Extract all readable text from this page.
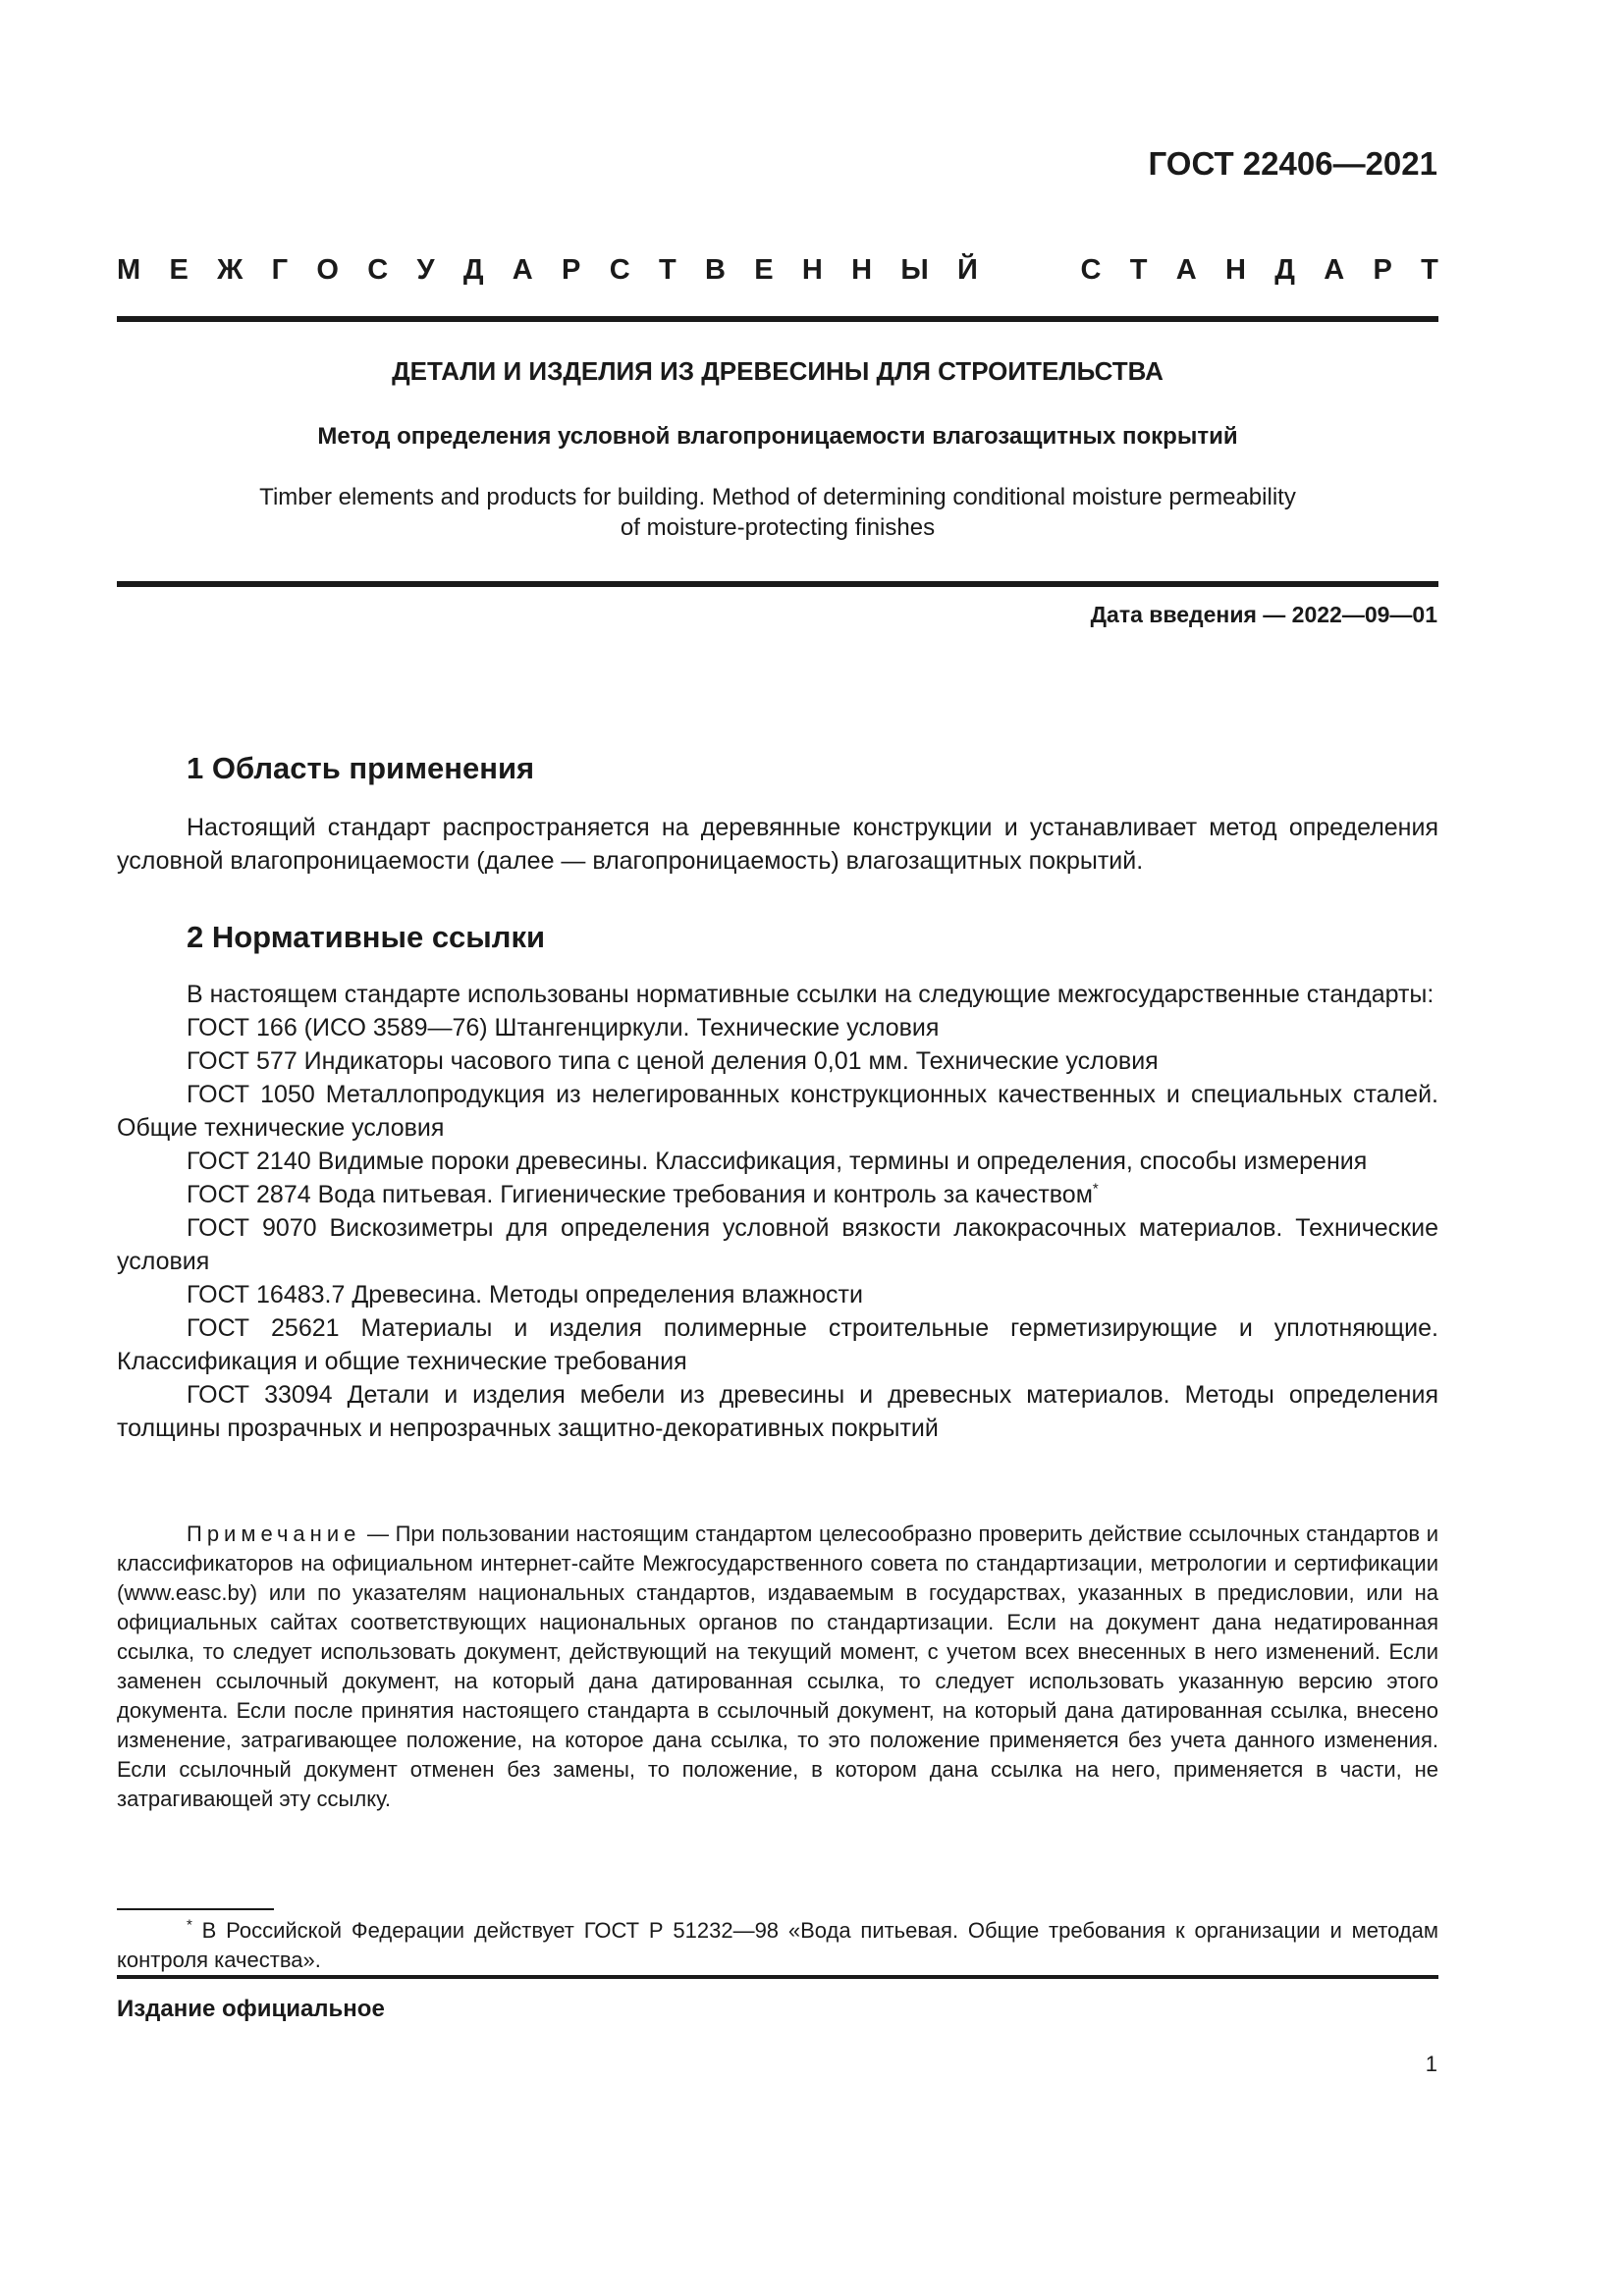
ГОСТ 22406—2021
М Е Ж Г О С У Д А Р С Т В Е Н Н Ы Й	С Т А Н Д А Р Т
ДЕТАЛИ И ИЗДЕЛИЯ ИЗ ДРЕВЕСИНЫ ДЛЯ СТРОИТЕЛЬСТВА
Метод определения условной влагопроницаемости влагозащитных покрытий
Timber elements and products for building. Method of determining conditional moisture permeability
of moisture-protecting finishes
Дата введения — 2022—09—01
1 Область применения

Настоящий стандарт распространяется на деревянные конструкции и устанавливает метод определения условной влагопроницаемости (далее — влагопроницаемость) влагозащитных покрытий.

2 Нормативные ссылки

В настоящем стандарте использованы нормативные ссылки на следующие межгосударственные стандарты:

ГОСТ 166 (ИСО 3589—76) Штангенциркули. Технические условия

ГОСТ 577 Индикаторы часового типа с ценой деления 0,01 мм. Технические условия

ГОСТ 1050 Металлопродукция из нелегированных конструкционных качественных и специальных сталей. Общие технические условия

ГОСТ 2140 Видимые пороки древесины. Классификация, термины и определения, способы измерения

ГОСТ 2874 Вода питьевая. Гигиенические требования и контроль за качеством*

ГОСТ 9070 Вискозиметры для определения условной вязкости лакокрасочных материалов. Технические условия

ГОСТ 16483.7 Древесина. Методы определения влажности

ГОСТ 25621 Материалы и изделия полимерные строительные герметизирующие и уплотняющие. Классификация и общие технические требования

ГОСТ 33094 Детали и изделия мебели из древесины и древесных материалов. Методы определения толщины прозрачных и непрозрачных защитно-декоративных покрытий

Примечание — При пользовании настоящим стандартом целесообразно проверить действие ссылочных стандартов и классификаторов на официальном интернет-сайте Межгосударственного совета по стандартизации, метрологии и сертификации (www.easc.by) или по указателям национальных стандартов, издаваемым в государствах, указанных в предисловии, или на официальных сайтах соответствующих национальных органов по стандартизации. Если на документ дана недатированная ссылка, то следует использовать документ, действующий на текущий момент, с учетом всех внесенных в него изменений. Если заменен ссылочный документ, на который дана датированная ссылка, то следует использовать указанную версию этого документа. Если после принятия настоящего стандарта в ссылочный документ, на который дана датированная ссылка, внесено изменение, затрагивающее положение, на которое дана ссылка, то это положение применяется без учета данного изменения. Если ссылочный документ отменен без замены, то положение, в котором дана ссылка на него, применяется в части, не затрагивающей эту ссылку.

* В Российской Федерации действует ГОСТ Р 51232—98 «Вода питьевая. Общие требования к организации и методам контроля качества».

Издание официальное
1
